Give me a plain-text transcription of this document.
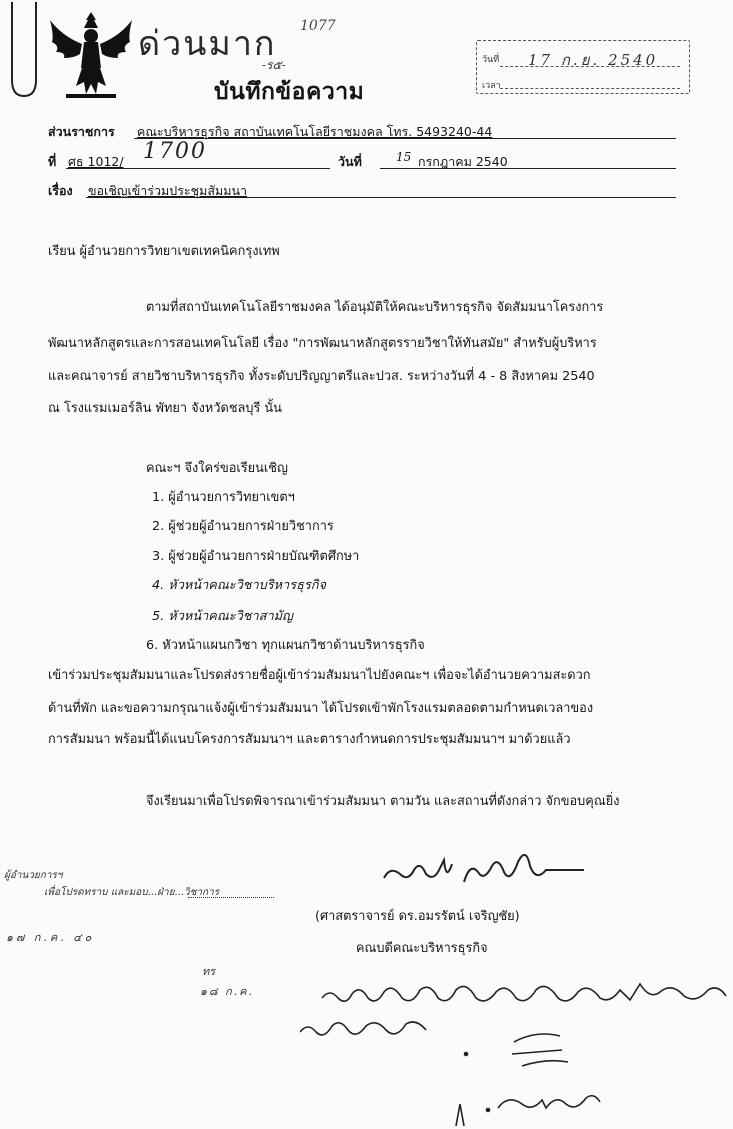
ด่วนมาก 1077
-ร๕-
บันทึกข้อความ
วันที่ 17 ก.ย. 2540
เวลา
ส่วนราชการ คณะบริหารธุรกิจ สถาบันเทคโนโลยีราชมงคล โทร. 5493240-44
ที่ ศธ 1012/ 1700	วันที่	15 กรกฎาคม 2540
เรื่อง ขอเชิญเข้าร่วมประชุมสัมมนา
เรียน ผู้อำนวยการวิทยาเขตเทคนิคกรุงเทพ
ตามที่สถาบันเทคโนโลยีราชมงคล ได้อนุมัติให้คณะบริหารธุรกิจ จัดสัมมนาโครงการ
พัฒนาหลักสูตรและการสอนเทคโนโลยี เรื่อง "การพัฒนาหลักสูตรรายวิชาให้ทันสมัย" สำหรับผู้บริหาร
และคณาจารย์ สายวิชาบริหารธุรกิจ ทั้งระดับปริญญาตรีและปวส. ระหว่างวันที่ 4 - 8 สิงหาคม 2540
ณ โรงแรมเมอร์ลิน พัทยา จังหวัดชลบุรี นั้น
คณะฯ จึงใคร่ขอเรียนเชิญ
1. ผู้อำนวยการวิทยาเขตฯ
2. ผู้ช่วยผู้อำนวยการฝ่ายวิชาการ
3. ผู้ช่วยผู้อำนวยการฝ่ายบัณฑิตศึกษา
4. หัวหน้าคณะวิชาบริหารธุรกิจ
5. หัวหน้าคณะวิชาสามัญ
6. หัวหน้าแผนกวิชา ทุกแผนกวิชาด้านบริหารธุรกิจ
เข้าร่วมประชุมสัมมนาและโปรดส่งรายชื่อผู้เข้าร่วมสัมมนาไปยังคณะฯ เพื่อจะได้อำนวยความสะดวก
ด้านที่พัก และขอความกรุณาแจ้งผู้เข้าร่วมสัมมนา ได้โปรดเข้าพักโรงแรมตลอดตามกำหนดเวลาของ
การสัมมนา พร้อมนี้ได้แนบโครงการสัมมนาฯ และตารางกำหนดการประชุมสัมมนาฯ มาด้วยแล้ว
จึงเรียนมาเพื่อโปรดพิจารณาเข้าร่วมสัมมนา ตามวัน และสถานที่ดังกล่าว จักขอบคุณยิ่ง
(ศาสตราจารย์ ดร.อมรรัตน์ เจริญชัย)
คณบดีคณะบริหารธุรกิจ
ผู้อำนวยการฯ
เพื่อโปรดทราบ และมอบ...ฝ่าย...วิชาการ
๑๗ ก.ค. ๔๐
ทร
๑๘ ก.ค.
